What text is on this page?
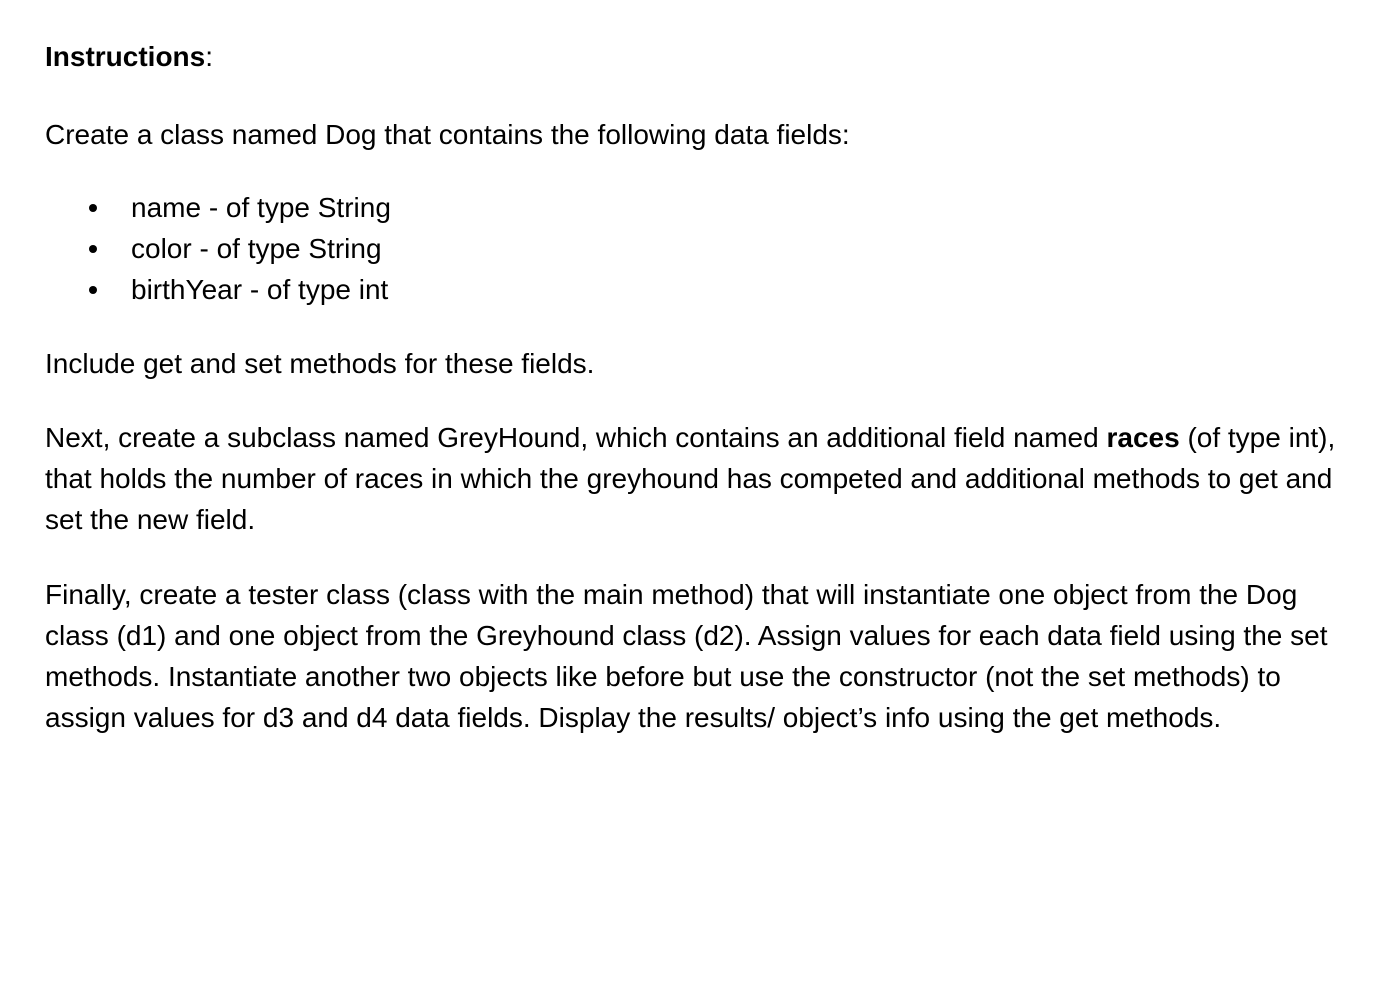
Instructions:

Create a class named Dog that contains the following data fields:

name - of type String
color - of type String
birthYear - of type int

Include get and set methods for these fields.

Next, create a subclass named GreyHound, which contains an additional field named races (of type int), that holds the number of races in which the greyhound has competed and additional methods to get and set the new field.

Finally, create a tester class (class with the main method) that will instantiate one object from the Dog class (d1) and one object from the Greyhound class (d2). Assign values for each data field using the set methods. Instantiate another two objects like before but use the constructor (not the set methods) to assign values for d3 and d4 data fields. Display the results/ object’s info using the get methods.
